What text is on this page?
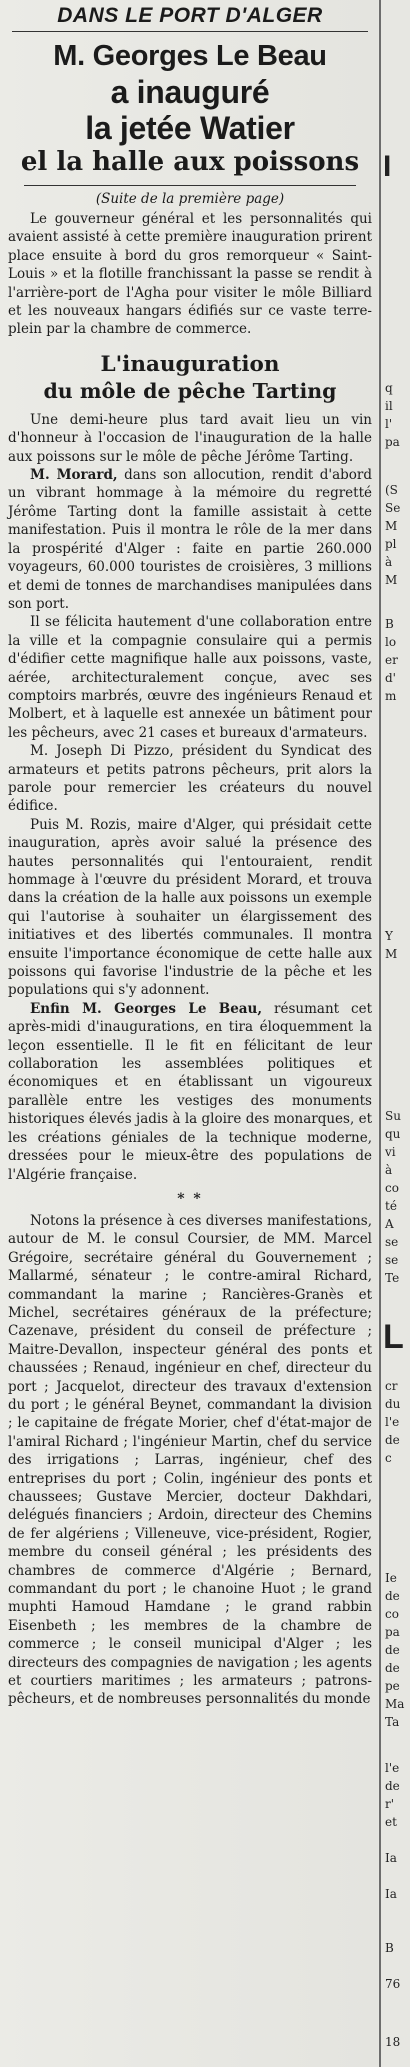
DANS LE PORT D'ALGER
M. Georges Le Beau
a inauguré
la jetée Watier
el la halle aux poissons
(Suite de la première page)

Le gouverneur général et les personnalités qui avaient assisté à cette première inauguration prirent place ensuite à bord du gros remorqueur « Saint-Louis » et la flotille franchissant la passe se rendit à l'arrière-port de l'Agha pour visiter le môle Billiard et les nouveaux hangars édifiés sur ce vaste terre-plein par la chambre de commerce.

L'inauguration
du môle de pêche Tarting

Une demi-heure plus tard avait lieu un vin d'honneur à l'occasion de l'inauguration de la halle aux poissons sur le môle de pêche Jérôme Tarting.

M. Morard, dans son allocution, rendit d'abord un vibrant hommage à la mémoire du regretté Jérôme Tarting dont la famille assistait à cette manifestation. Puis il montra le rôle de la mer dans la prospérité d'Alger : faite en partie 260.000 voyageurs, 60.000 touristes de croisières, 3 millions et demi de tonnes de marchandises manipulées dans son port.

Il se félicita hautement d'une collaboration entre la ville et la compagnie consulaire qui a permis d'édifier cette magnifique halle aux poissons, vaste, aérée, architecturalement conçue, avec ses comptoirs marbrés, œuvre des ingénieurs Renaud et Molbert, et à laquelle est annexée un bâtiment pour les pêcheurs, avec 21 cases et bureaux d'armateurs.

M. Joseph Di Pizzo, président du Syndicat des armateurs et petits patrons pêcheurs, prit alors la parole pour remercier les créateurs du nouvel édifice.

Puis M. Rozis, maire d'Alger, qui présidait cette inauguration, après avoir salué la présence des hautes personnalités qui l'entouraient, rendit hommage à l'œuvre du président Morard, et trouva dans la création de la halle aux poissons un exemple qui l'autorise à souhaiter un élargissement des initiatives et des libertés communales. Il montra ensuite l'importance économique de cette halle aux poissons qui favorise l'industrie de la pêche et les populations qui s'y adonnent.

Enfin M. Georges Le Beau, résumant cet après-midi d'inaugurations, en tira éloquemment la leçon essentielle. Il le fit en félicitant de leur collaboration les assemblées politiques et économiques et en établissant un vigoureux parallèle entre les vestiges des monuments historiques élevés jadis à la gloire des monarques, et les créations géniales de la technique moderne, dressées pour le mieux-être des populations de l'Algérie française.

* *

Notons la présence à ces diverses manifestations, autour de M. le consul Coursier, de MM. Marcel Grégoire, secrétaire général du Gouvernement ; Mallarmé, sénateur ; le contre-amiral Richard, commandant la marine ; Rancières-Granès et Michel, secrétaires généraux de la préfecture; Cazenave, président du conseil de préfecture ; Maitre-Devallon, inspecteur général des ponts et chaussées ; Renaud, ingénieur en chef, directeur du port ; Jacquelot, directeur des travaux d'extension du port ; le général Beynet, commandant la division ; le capitaine de frégate Morier, chef d'état-major de l'amiral Richard ; l'ingénieur Martin, chef du service des irrigations ; Larras, ingénieur, chef des entreprises du port ; Colin, ingénieur des ponts et chaussees; Gustave Mercier, docteur Dakhdari, delégués financiers ; Ardoin, directeur des Chemins de fer algériens ; Villeneuve, vice-président, Rogier, membre du conseil général ; les présidents des chambres de commerce d'Algérie ; Bernard, commandant du port ; le chanoine Huot ; le grand muphti Hamoud Hamdane ; le grand rabbin Eisenbeth ; les membres de la chambre de commerce ; le conseil municipal d'Alger ; les directeurs des compagnies de navigation ; les agents et courtiers maritimes ; les armateurs ; patrons-pêcheurs, et de nombreuses personnalités du monde

I
q
il
l'
pa
(S
Se
M
pl
à
M
B
lo
er
d'
m
Y
M
Su
qu
vi
à
co
té
A
se
se
Te
L
cr
du
l'e
de
c
Ie
de
co
pa
de
de
pe
Ma
Ta
l'e
de
r'
et
Ia
Ia
B
76
18
